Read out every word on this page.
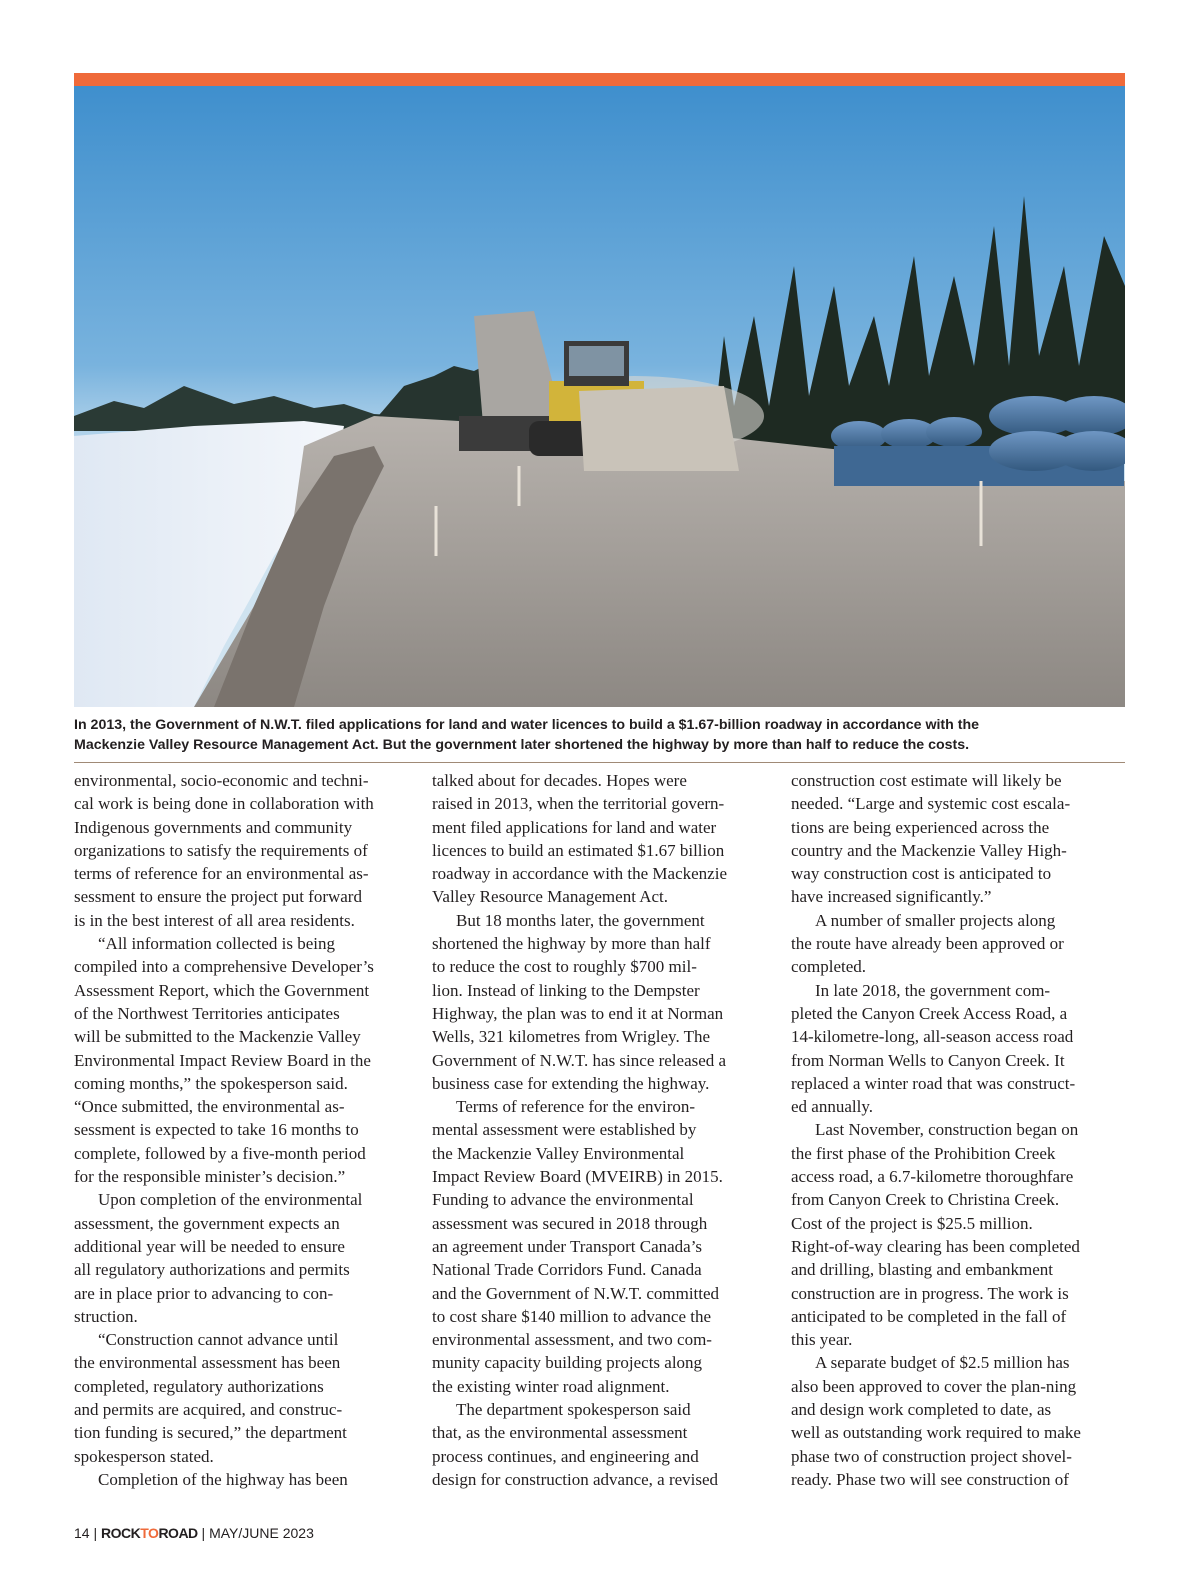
In 2013, the Government of N.W.T. filed applications for land and water licences to build a $1.67-billion roadway in accordance with the
Mackenzie Valley Resource Management Act. But the government later shortened the highway by more than half to reduce the costs.

environmental, socio-economic and techni-

cal work is being done in collaboration with

Indigenous governments and community

organizations to satisfy the requirements of

terms of reference for an environmental as-

sessment to ensure the project put forward

is in the best interest of all area residents.

“All information collected is being

compiled into a comprehensive Developer’s

Assessment Report, which the Government

of the Northwest Territories anticipates

will be submitted to the Mackenzie Valley

Environmental Impact Review Board in the

coming months,” the spokesperson said.

“Once submitted, the environmental as-

sessment is expected to take 16 months to

complete, followed by a five-month period

for the responsible minister’s decision.”

Upon completion of the environmental

assessment, the government expects an

additional year will be needed to ensure

all regulatory authorizations and permits

are in place prior to advancing to con-

struction.

“Construction cannot advance until

the environmental assessment has been

completed, regulatory authorizations

and permits are acquired, and construc-

tion funding is secured,” the department

spokesperson stated.

Completion of the highway has been

talked about for decades. Hopes were

raised in 2013, when the territorial govern-

ment filed applications for land and water

licences to build an estimated $1.67 billion

roadway in accordance with the Mackenzie

Valley Resource Management Act.

But 18 months later, the government

shortened the highway by more than half

to reduce the cost to roughly $700 mil-

lion. Instead of linking to the Dempster

Highway, the plan was to end it at Norman

Wells, 321 kilometres from Wrigley. The

Government of N.W.T. has since released a

business case for extending the highway.

Terms of reference for the environ-

mental assessment were established by

the Mackenzie Valley Environmental

Impact Review Board (MVEIRB) in 2015.

Funding to advance the environmental

assessment was secured in 2018 through

an agreement under Transport Canada’s

National Trade Corridors Fund. Canada

and the Government of N.W.T. committed

to cost share $140 million to advance the

environmental assessment, and two com-

munity capacity building projects along

the existing winter road alignment.

The department spokesperson said

that, as the environmental assessment

process continues, and engineering and

design for construction advance, a revised

construction cost estimate will likely be

needed. “Large and systemic cost escala-

tions are being experienced across the

country and the Mackenzie Valley High-

way construction cost is anticipated to

have increased significantly.”

A number of smaller projects along

the route have already been approved or

completed.

In late 2018, the government com-

pleted the Canyon Creek Access Road, a

14-kilometre-long, all-season access road

from Norman Wells to Canyon Creek. It

replaced a winter road that was construct-

ed annually.

Last November, construction began on

the first phase of the Prohibition Creek

access road, a 6.7-kilometre thoroughfare

from Canyon Creek to Christina Creek.

Cost of the project is $25.5 million.

Right-of-way clearing has been completed

and drilling, blasting and embankment

construction are in progress. The work is

anticipated to be completed in the fall of

this year.

A separate budget of $2.5 million has

also been approved to cover the plan-ning

and design work completed to date, as

well as outstanding work required to make

phase two of construction project shovel-

ready. Phase two will see construction of

14 | ROCKTOROAD | MAY/JUNE 2023
